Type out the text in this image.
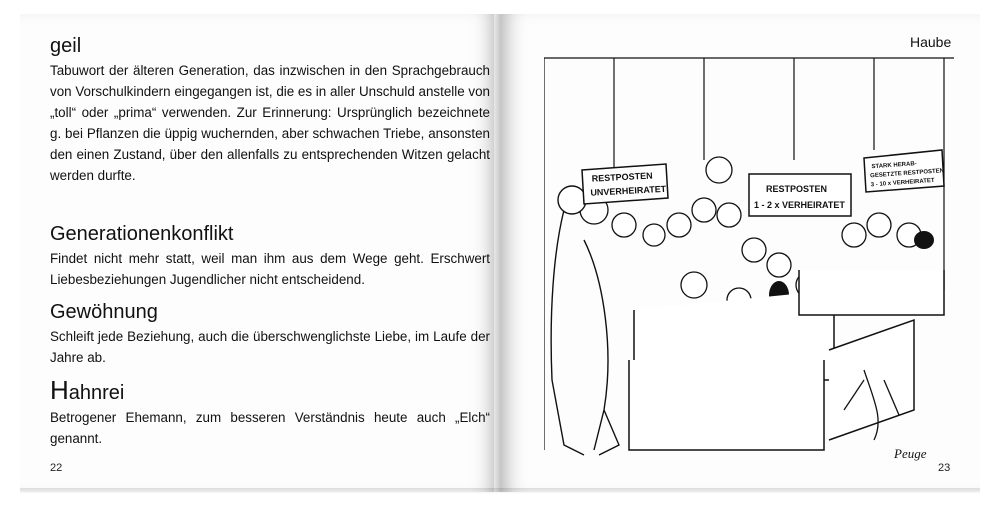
geil

Tabuwort der älteren Generation, das inzwischen in den Sprachgebrauch von Vorschulkindern eingegangen ist, die es in aller Unschuld anstelle von „toll“ oder „prima“ verwenden. Zur Erinnerung: Ursprünglich bezeichnete g. bei Pflanzen die üppig wuchernden, aber schwachen Triebe, ansonsten den einen Zustand, über den allenfalls zu entsprechenden Witzen gelacht werden durfte.

Generationenkonflikt

Findet nicht mehr statt, weil man ihm aus dem Wege geht. Erschwert Liebesbeziehungen Jugendlicher nicht entscheidend.

Gewöhnung

Schleift jede Beziehung, auch die überschwenglichste Liebe, im Laufe der Jahre ab.

Hahnrei

Betrogener Ehemann, zum besseren Verständnis heute auch „Elch“ genannt.

22
Haube
RESTPOSTEN
UNVERHEIRATET	RESTPOSTEN
1 - 2 x VERHEIRATET
STARK HERAB-
GESETZTE RESTPOSTEN
3 - 10 x VERHEIRATET
Peuge
23
